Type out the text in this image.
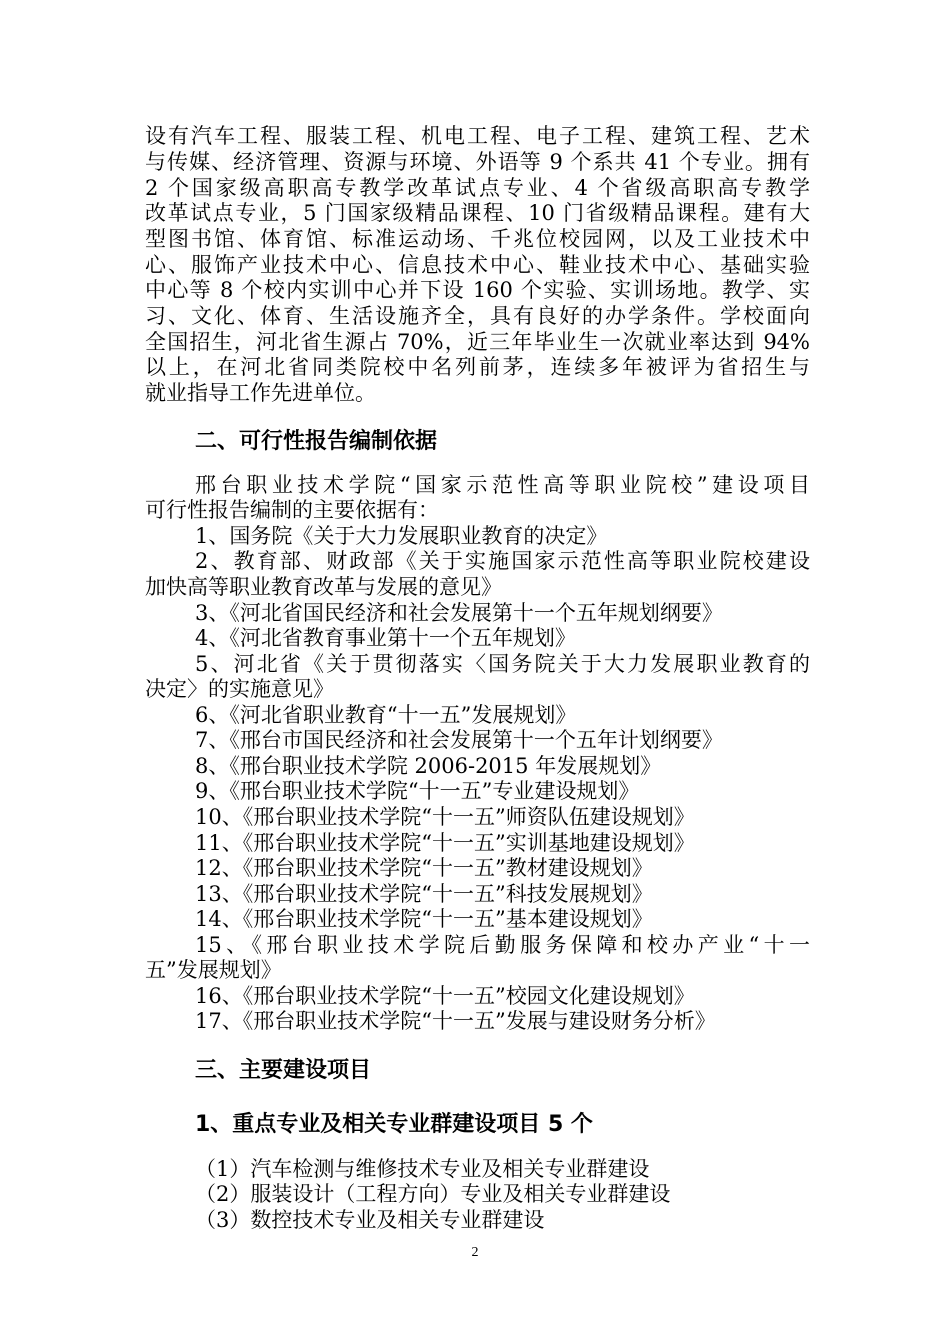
设有汽车工程、服装工程、机电工程、电子工程、建筑工程、艺术
与传媒、经济管理、资源与环境、外语等 9 个系共 41 个专业。拥有
2 个国家级高职高专教学改革试点专业、4 个省级高职高专教学
改革试点专业，5 门国家级精品课程、10 门省级精品课程。建有大
型图书馆、体育馆、标准运动场、千兆位校园网，以及工业技术中
心、服饰产业技术中心、信息技术中心、鞋业技术中心、基础实验
中心等 8 个校内实训中心并下设 160 个实验、实训场地。教学、实
习、文化、体育、生活设施齐全，具有良好的办学条件。学校面向
全国招生，河北省生源占 70%，近三年毕业生一次就业率达到 94%
以上，在河北省同类院校中名列前茅，连续多年被评为省招生与
就业指导工作先进单位。
二、可行性报告编制依据
邢台职业技术学院“国家示范性高等职业院校”建设项目
可行性报告编制的主要依据有：
1、国务院《关于大力发展职业教育的决定》
2、教育部、财政部《关于实施国家示范性高等职业院校建设
加快高等职业教育改革与发展的意见》
3、《河北省国民经济和社会发展第十一个五年规划纲要》
4、《河北省教育事业第十一个五年规划》
5、河北省《关于贯彻落实〈国务院关于大力发展职业教育的
决定〉的实施意见》
6、《河北省职业教育“十一五”发展规划》
7、《邢台市国民经济和社会发展第十一个五年计划纲要》
8、《邢台职业技术学院 2006-2015 年发展规划》
9、《邢台职业技术学院“十一五”专业建设规划》
10、《邢台职业技术学院“十一五”师资队伍建设规划》
11、《邢台职业技术学院“十一五”实训基地建设规划》
12、《邢台职业技术学院“十一五”教材建设规划》
13、《邢台职业技术学院“十一五”科技发展规划》
14、《邢台职业技术学院“十一五”基本建设规划》
15、《邢台职业技术学院后勤服务保障和校办产业“十一
五”发展规划》
16、《邢台职业技术学院“十一五”校园文化建设规划》
17、《邢台职业技术学院“十一五”发展与建设财务分析》
三、主要建设项目
1、重点专业及相关专业群建设项目 5 个
（1）汽车检测与维修技术专业及相关专业群建设
（2）服装设计（工程方向）专业及相关专业群建设
（3）数控技术专业及相关专业群建设
2
